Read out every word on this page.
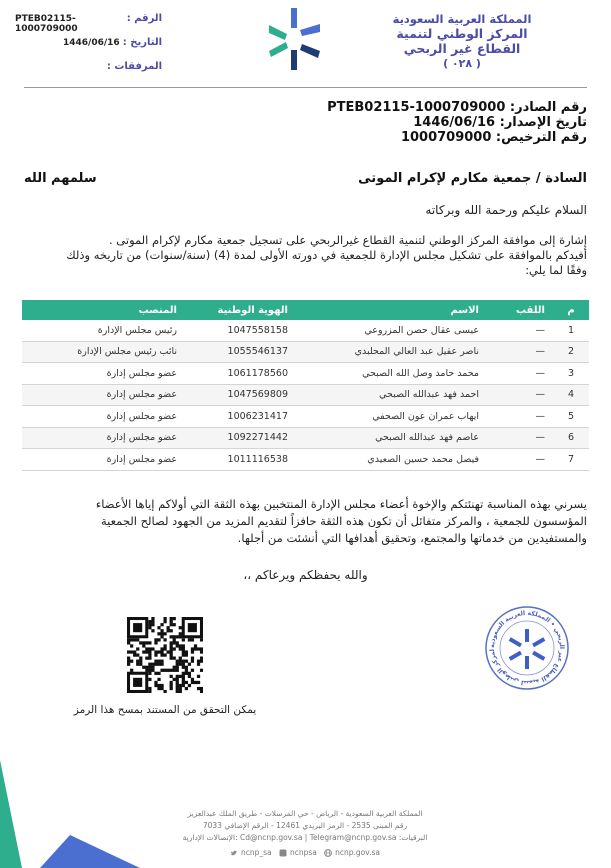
المملكة العربية السعودية
المركز الوطني لتنمية
القطاع غير الربحي
( ٠٢٨ )
الرقم :
PTEB02115-1000709000
التاريخ :
1446/06/16
المرفقات :
رقم الصادر: PTEB02115-1000709000
تاريخ الإصدار: 1446/06/16
رقم الترخيص: 1000709000
السادة / جمعية مكارم لإكرام الموتى
سلمهم الله
السلام عليكم ورحمة الله وبركاته
إشارة إلى موافقة المركز الوطني لتنمية القطاع غيرالربحي على تسجيل جمعية مكارم لإكرام الموتى .
أفيدكم بالموافقة على تشكيل مجلس الإدارة للجمعية في دورته الأولى لمدة (4) (سنة/سنوات) من تاريخه وذلك
وفقًا لما يلي:
م	اللقب	الاسم	الهوية الوطنية	المنصب
1	—	عيسى عقال حصن المزروعي	1047558158	رئيس مجلس الإدارة
2	—	ناصر عقيل عبد العالي المحلبدي	1055546137	نائب رئيس مجلس الإدارة
3	—	محمد حامد وصل الله الصبحي	1061178560	عضو مجلس إدارة
4	—	احمد فهد عبدالله الصبحي	1047569809	عضو مجلس إدارة
5	—	ايهاب عمران عون الصحفي	1006231417	عضو مجلس إدارة
6	—	عاصم فهد عبدالله الصبحي	1092271442	عضو مجلس إدارة
7	—	فيصل محمد حسين الصعيدي	1011116538	عضو مجلس إدارة
يسرني بهذه المناسبة تهنئتكم والإخوة أعضاء مجلس الإدارة المنتخبين بهذه الثقة التي أولاكم إياها الأعضاء
المؤسسون للجمعية ، والمركز متفائل أن تكون هذه الثقة حافزاً لتقديم المزيد من الجهود لصالح الجمعية
والمستفيدين من خدماتها والمجتمع، وتحقيق أهدافها التي أنشئت من أجلها.
والله يحفظكم ويرعاكم ،،
يمكن التحقق من المستند بمسح هذا الرمز
لمركز الوطني لتنمية القطاع غير الربحي • المملكة العربية السعودية
المملكة العربية السعودية - الرياض - حي المرسلات - طريق الملك عبدالعزيز
رقم المبنى 2535 - الرمز البريدي 12461 - الرقم الإضافي 7033
البرقيات: Cd@ncnp.gov.sa | Telegram@ncnp.gov.sa :الإتصالات الإدارية
ncnp_sa ncnpsa ncnp.gov.sa
